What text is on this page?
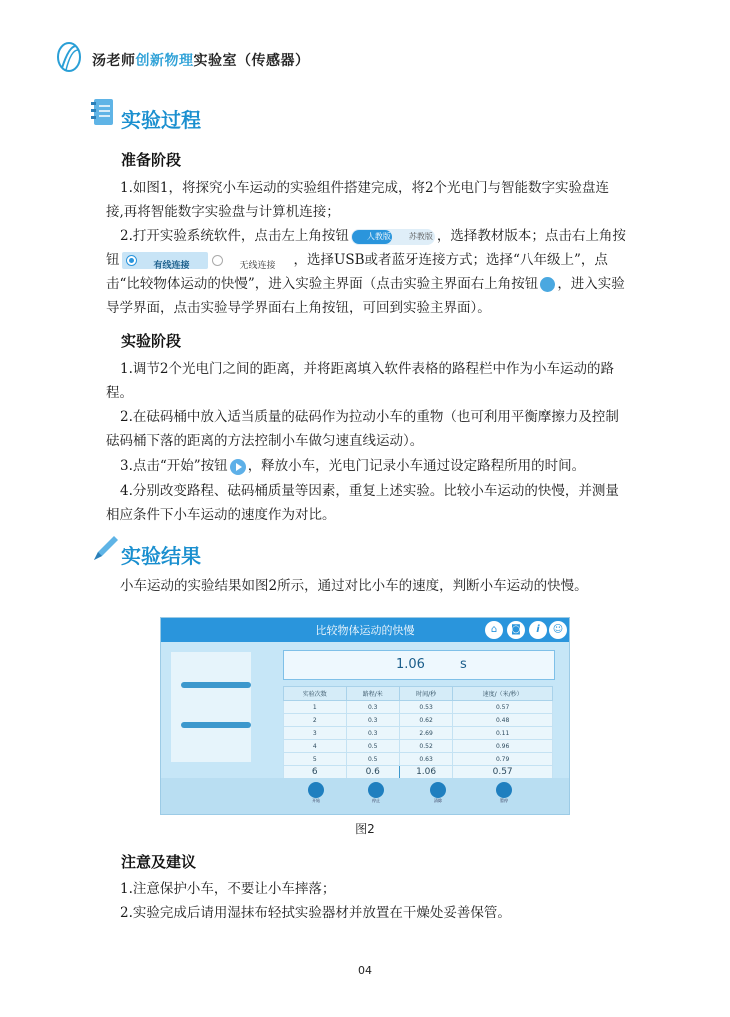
汤老师创新物理实验室（传感器）
实验过程
准备阶段
1.如图1，将探究小车运动的实验组件搭建完成，将2个光电门与智能数字实验盘连接,再将智能数字实验盘与计算机连接；
2.打开实验系统软件，点击左上角按钮	人教版	苏教版 ，选择教材版本；点击右上角按钮	有线连接	无线连接 ，选择USB或者蓝牙连接方式；选择“八年级上”，点击“比较物体运动的快慢”，进入实验主界面（点击实验主界面右上角按钮 i，进入实验导学界面，点击实验导学界面右上角按钮，可回到实验主界面）。
实验阶段
1.调节2个光电门之间的距离，并将距离填入软件表格的路程栏中作为小车运动的路程。
2.在砝码桶中放入适当质量的砝码作为拉动小车的重物（也可利用平衡摩擦力及控制砝码桶下落的距离的方法控制小车做匀速直线运动）。
3.点击“开始”按钮 ，释放小车，光电门记录小车通过设定路程所用的时间。
4.分别改变路程、砝码桶质量等因素，重复上述实验。比较小车运动的快慢，并测量相应条件下小车运动的速度作为对比。
实验结果
小车运动的实验结果如图2所示，通过对比小车的速度，判断小车运动的快慢。
比较物体运动的快慢	⌂	◙	i	☺
1.06	s
实验次数	路程/米	时间/秒	速度/（米/秒）
1	0.3	0.53	0.57
2	0.3	0.62	0.48
3	0.3	2.69	0.11
4	0.5	0.52	0.96
5	0.5	0.63	0.79
6	0.6	1.06	0.57
开始	停止	清除	暂停
图2
注意及建议
1.注意保护小车，不要让小车摔落；
2.实验完成后请用湿抹布轻拭实验器材并放置在干燥处妥善保管。
04
